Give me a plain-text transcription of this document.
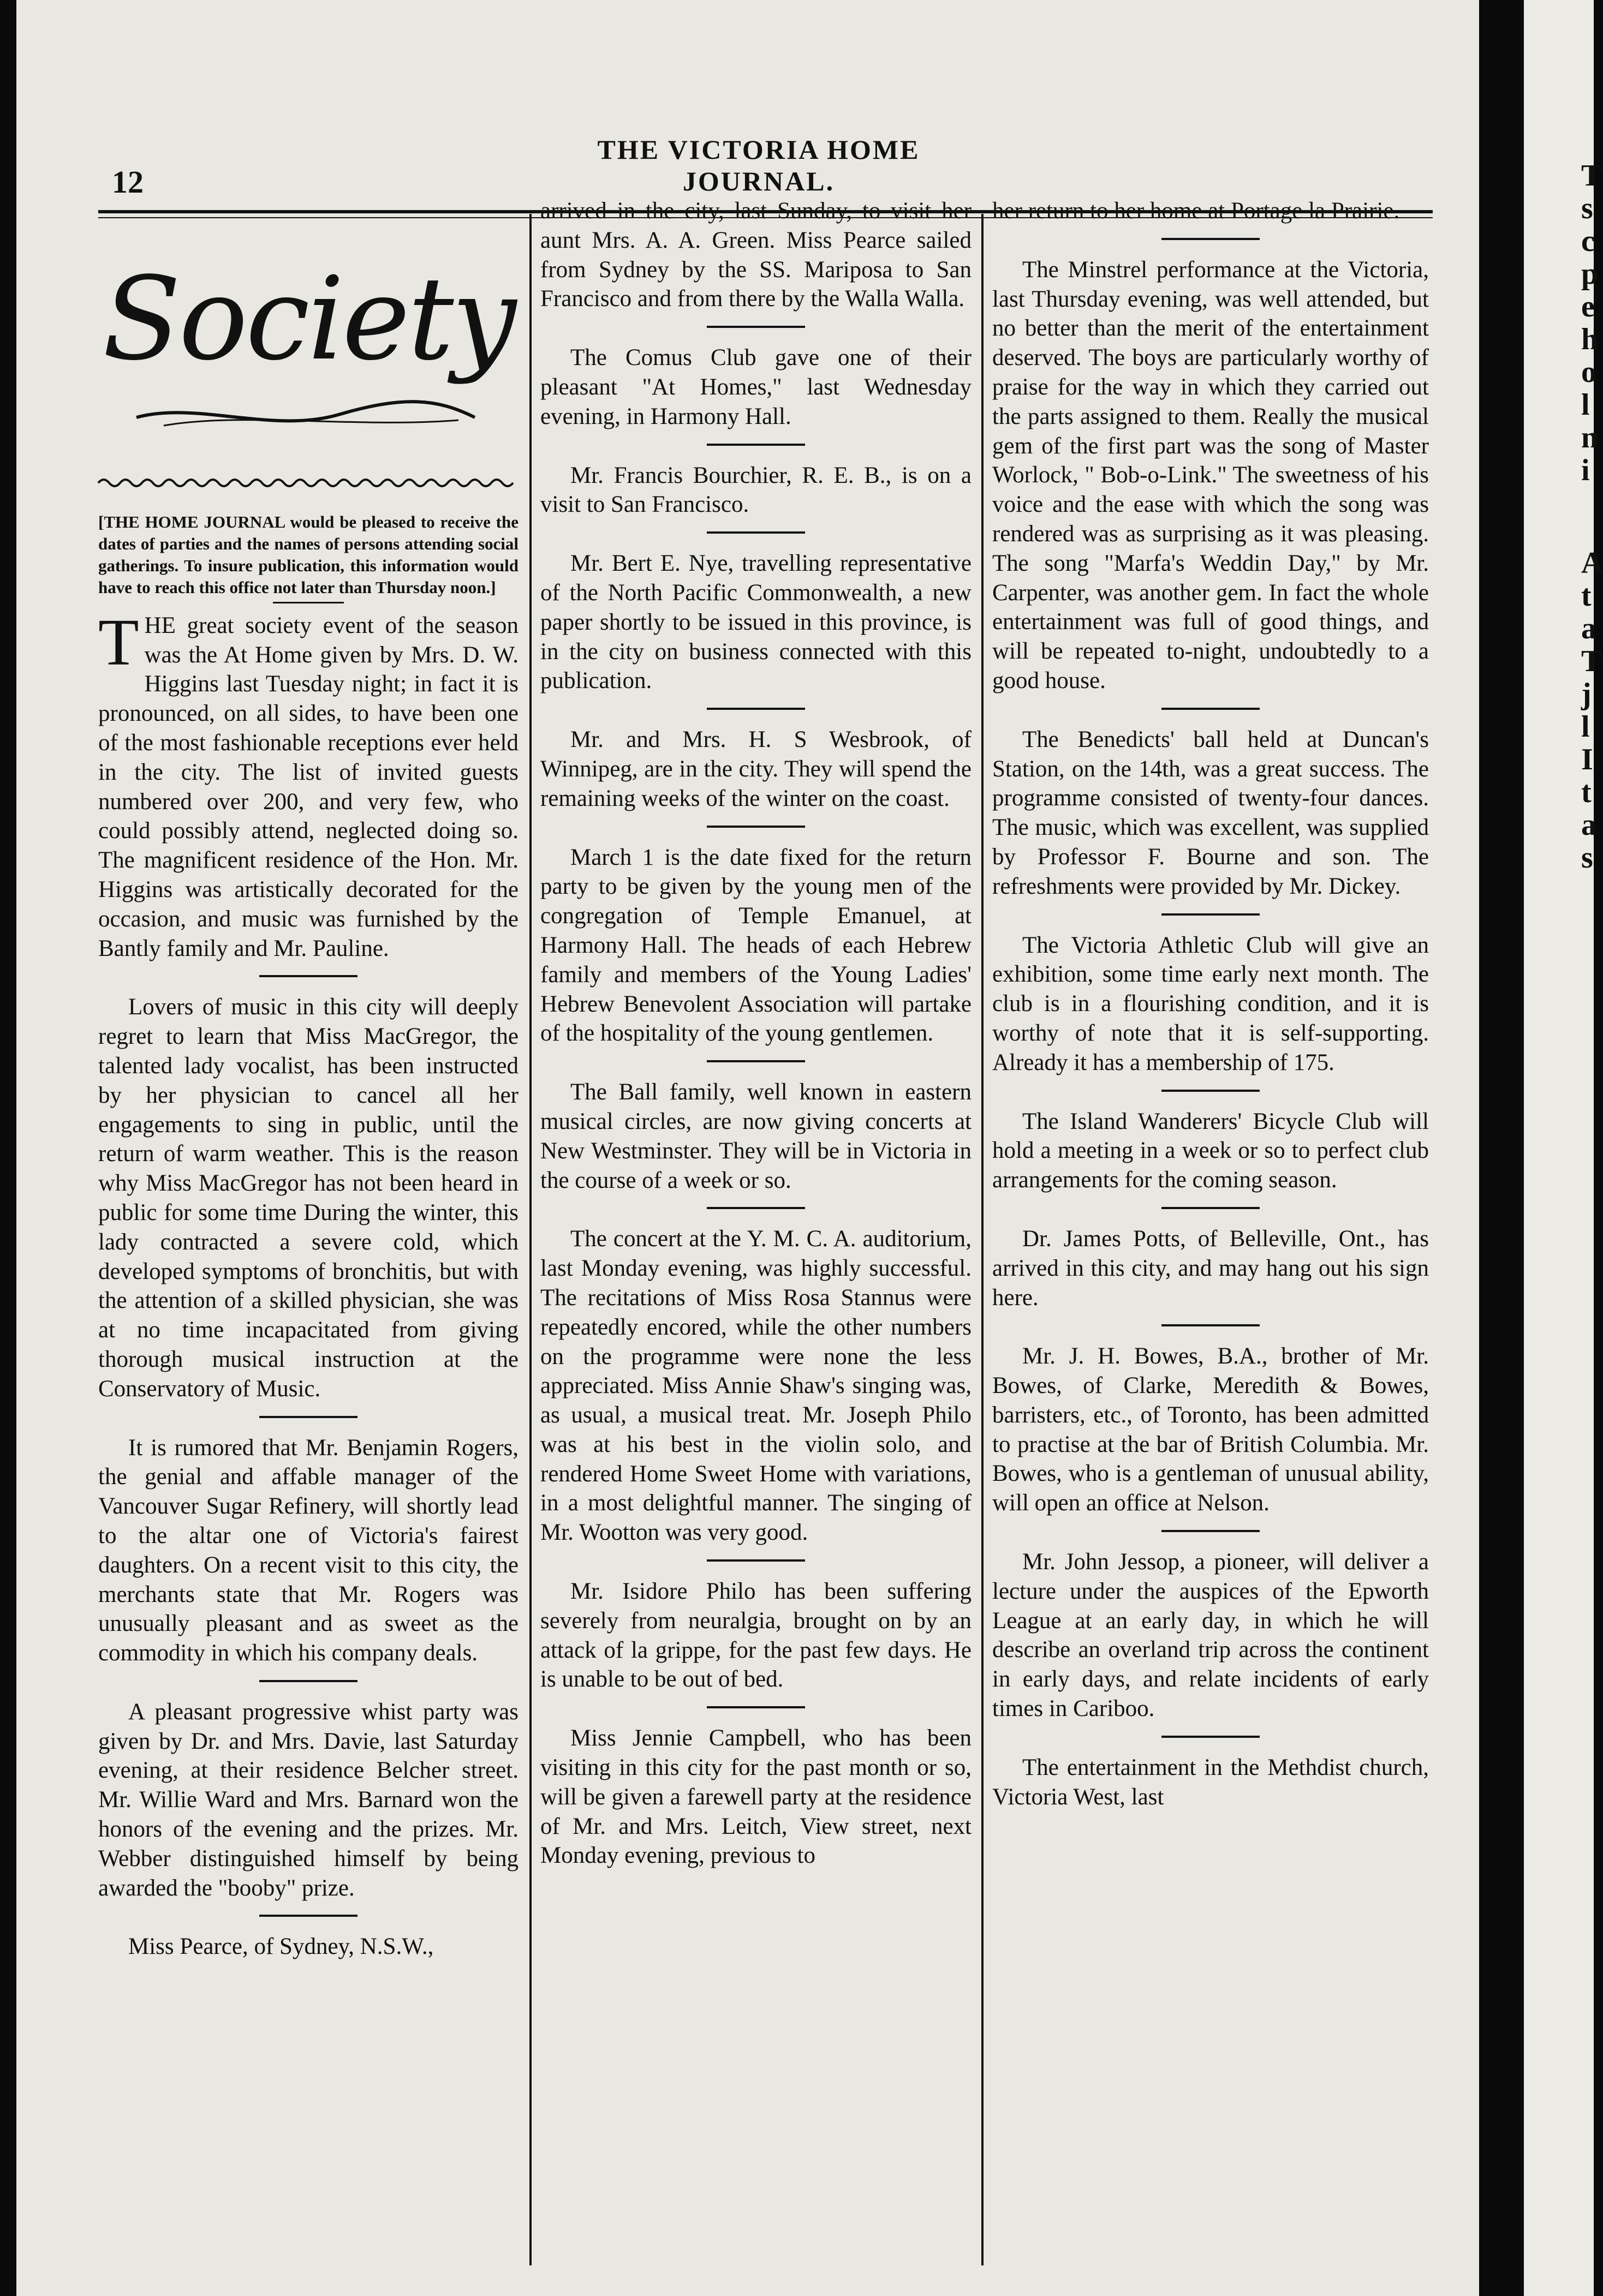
12
THE VICTORIA HOME JOURNAL.
Society

[THE HOME JOURNAL would be pleased to receive the dates of parties and the names of persons attending social gatherings. To insure publication, this information would have to reach this office not later than Thursday noon.]

THE great society event of the season was the At Home given by Mrs. D. W. Higgins last Tuesday night; in fact it is pronounced, on all sides, to have been one of the most fashionable receptions ever held in the city. The list of invited guests numbered over 200, and very few, who could possibly attend, neglected doing so. The magnificent residence of the Hon. Mr. Higgins was artistically decorated for the occasion, and music was furnished by the Bantly family and Mr. Pauline.

Lovers of music in this city will deeply regret to learn that Miss MacGregor, the talented lady vocalist, has been instructed by her physician to cancel all her engagements to sing in public, until the return of warm weather. This is the reason why Miss MacGregor has not been heard in public for some time During the winter, this lady contracted a severe cold, which developed symptoms of bronchitis, but with the attention of a skilled physician, she was at no time incapacitated from giving thorough musical instruction at the Conservatory of Music.

It is rumored that Mr. Benjamin Rogers, the genial and affable manager of the Vancouver Sugar Refinery, will shortly lead to the altar one of Victoria's fairest daughters. On a recent visit to this city, the merchants state that Mr. Rogers was unusually pleasant and as sweet as the commodity in which his company deals.

A pleasant progressive whist party was given by Dr. and Mrs. Davie, last Saturday evening, at their residence Belcher street. Mr. Willie Ward and Mrs. Barnard won the honors of the evening and the prizes. Mr. Webber distinguished himself by being awarded the "booby" prize.

Miss Pearce, of Sydney, N.S.W.,

arrived in the city, last Sunday, to visit her aunt Mrs. A. A. Green. Miss Pearce sailed from Sydney by the SS. Mariposa to San Francisco and from there by the Walla Walla.

The Comus Club gave one of their pleasant "At Homes," last Wednesday evening, in Harmony Hall.

Mr. Francis Bourchier, R. E. B., is on a visit to San Francisco.

Mr. Bert E. Nye, travelling representative of the North Pacific Commonwealth, a new paper shortly to be issued in this province, is in the city on business connected with this publication.

Mr. and Mrs. H. S Wesbrook, of Winnipeg, are in the city. They will spend the remaining weeks of the winter on the coast.

March 1 is the date fixed for the return party to be given by the young men of the congregation of Temple Emanuel, at Harmony Hall. The heads of each Hebrew family and members of the Young Ladies' Hebrew Benevolent Association will partake of the hospitality of the young gentlemen.

The Ball family, well known in eastern musical circles, are now giving concerts at New Westminster. They will be in Victoria in the course of a week or so.

The concert at the Y. M. C. A. auditorium, last Monday evening, was highly successful. The recitations of Miss Rosa Stannus were repeatedly encored, while the other numbers on the programme were none the less appreciated. Miss Annie Shaw's singing was, as usual, a musical treat. Mr. Joseph Philo was at his best in the violin solo, and rendered Home Sweet Home with variations, in a most delightful manner. The singing of Mr. Wootton was very good.

Mr. Isidore Philo has been suffering severely from neuralgia, brought on by an attack of la grippe, for the past few days. He is unable to be out of bed.

Miss Jennie Campbell, who has been visiting in this city for the past month or so, will be given a farewell party at the residence of Mr. and Mrs. Leitch, View street, next Monday evening, previous to

her return to her home at Portage la Prairie.

The Minstrel performance at the Victoria, last Thursday evening, was well attended, but no better than the merit of the entertainment deserved. The boys are particularly worthy of praise for the way in which they carried out the parts assigned to them. Really the musical gem of the first part was the song of Master Worlock, " Bob-o-Link." The sweetness of his voice and the ease with which the song was rendered was as surprising as it was pleasing. The song "Marfa's Weddin Day," by Mr. Carpenter, was another gem. In fact the whole entertainment was full of good things, and will be repeated to-night, undoubtedly to a good house.

The Benedicts' ball held at Duncan's Station, on the 14th, was a great success. The programme consisted of twenty-four dances. The music, which was excellent, was supplied by Professor F. Bourne and son. The refreshments were provided by Mr. Dickey.

The Victoria Athletic Club will give an exhibition, some time early next month. The club is in a flourishing condition, and it is worthy of note that it is self-supporting. Already it has a membership of 175.

The Island Wanderers' Bicycle Club will hold a meeting in a week or so to perfect club arrangements for the coming season.

Dr. James Potts, of Belleville, Ont., has arrived in this city, and may hang out his sign here.

Mr. J. H. Bowes, B.A., brother of Mr. Bowes, of Clarke, Meredith & Bowes, barristers, etc., of Toronto, has been admitted to practise at the bar of British Columbia. Mr. Bowes, who is a gentleman of unusual ability, will open an office at Nelson.

Mr. John Jessop, a pioneer, will deliver a lecture under the auspices of the Epworth League at an early day, in which he will describe an overland trip across the continent in early days, and relate incidents of early times in Cariboo.

The entertainment in the Methdist church, Victoria West, last

T
s
c
p
e
h
o
l
n
i
A
t
a
T
j
l
I
t
a
s
